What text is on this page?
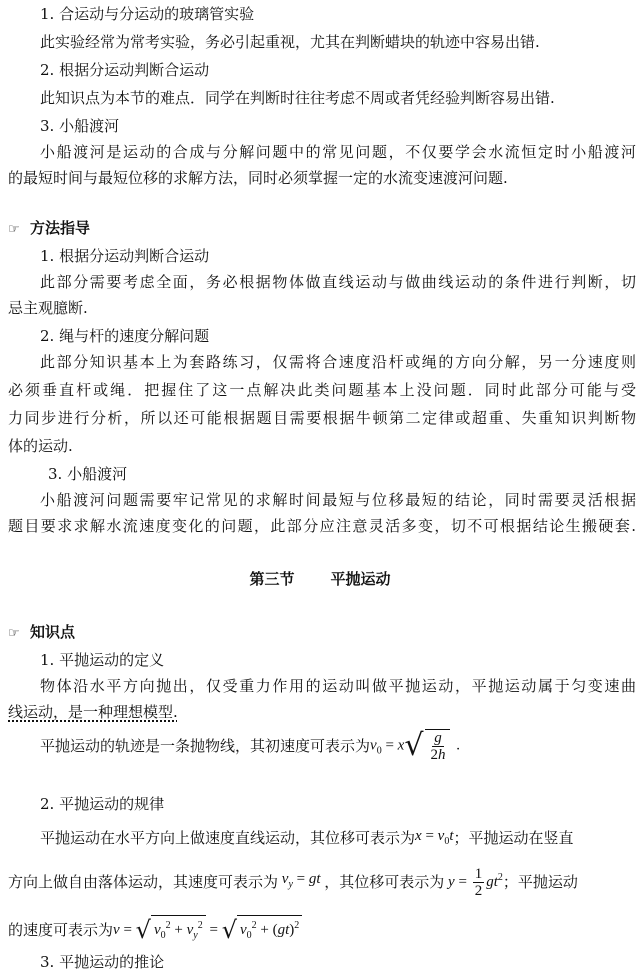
1. 合运动与分运动的玻璃管实验
此实验经常为常考实验，务必引起重视，尤其在判断蜡块的轨迹中容易出错.
2. 根据分运动判断合运动
此知识点为本节的难点．同学在判断时往往考虑不周或者凭经验判断容易出错.
3. 小船渡河
小船渡河是运动的合成与分解问题中的常见问题，不仅要学会水流恒定时小船渡河
的最短时间与最短位移的求解方法，同时必须掌握一定的水流变速渡河问题.
☞ 方法指导
1. 根据分运动判断合运动
此部分需要考虑全面，务必根据物体做直线运动与做曲线运动的条件进行判断，切
忌主观臆断.
2. 绳与杆的速度分解问题
此部分知识基本上为套路练习，仅需将合速度沿杆或绳的方向分解，另一分速度则
必须垂直杆或绳．把握住了这一点解决此类问题基本上没问题．同时此部分可能与受
力同步进行分析，所以还可能根据题目需要根据牛顿第二定律或超重、失重知识判断物
体的运动.
3. 小船渡河
小船渡河问题需要牢记常见的求解时间最短与位移最短的结论，同时需要灵活根据
题目要求求解水流速度变化的问题，此部分应注意灵活多变，切不可根据结论生搬硬套.
第三节 平抛运动
☞ 知识点
1. 平抛运动的定义
物体沿水平方向抛出，仅受重力作用的运动叫做平抛运动，平抛运动属于匀变速曲
线运动，是一种理想模型.
平抛运动的轨迹是一条抛物线，其初速度可表示为 $v_0 = x$ √ $\frac{g}{2h}$ .
2. 平抛运动的规律
平抛运动在水平方向上做速度直线运动，其位移可表示为$x = v_0t$；平抛运动在竖直
方向上做自由落体运动，其速度可表示为 $v_y$ = gt ，其位移可表示为 $y = \frac{1}{2} gt^2$ ；平抛运动
的速度可表示为 v = √ $v_0^2 + v_y^2$ = √ $v_0^2 + (gt)^2$
3. 平抛运动的推论
